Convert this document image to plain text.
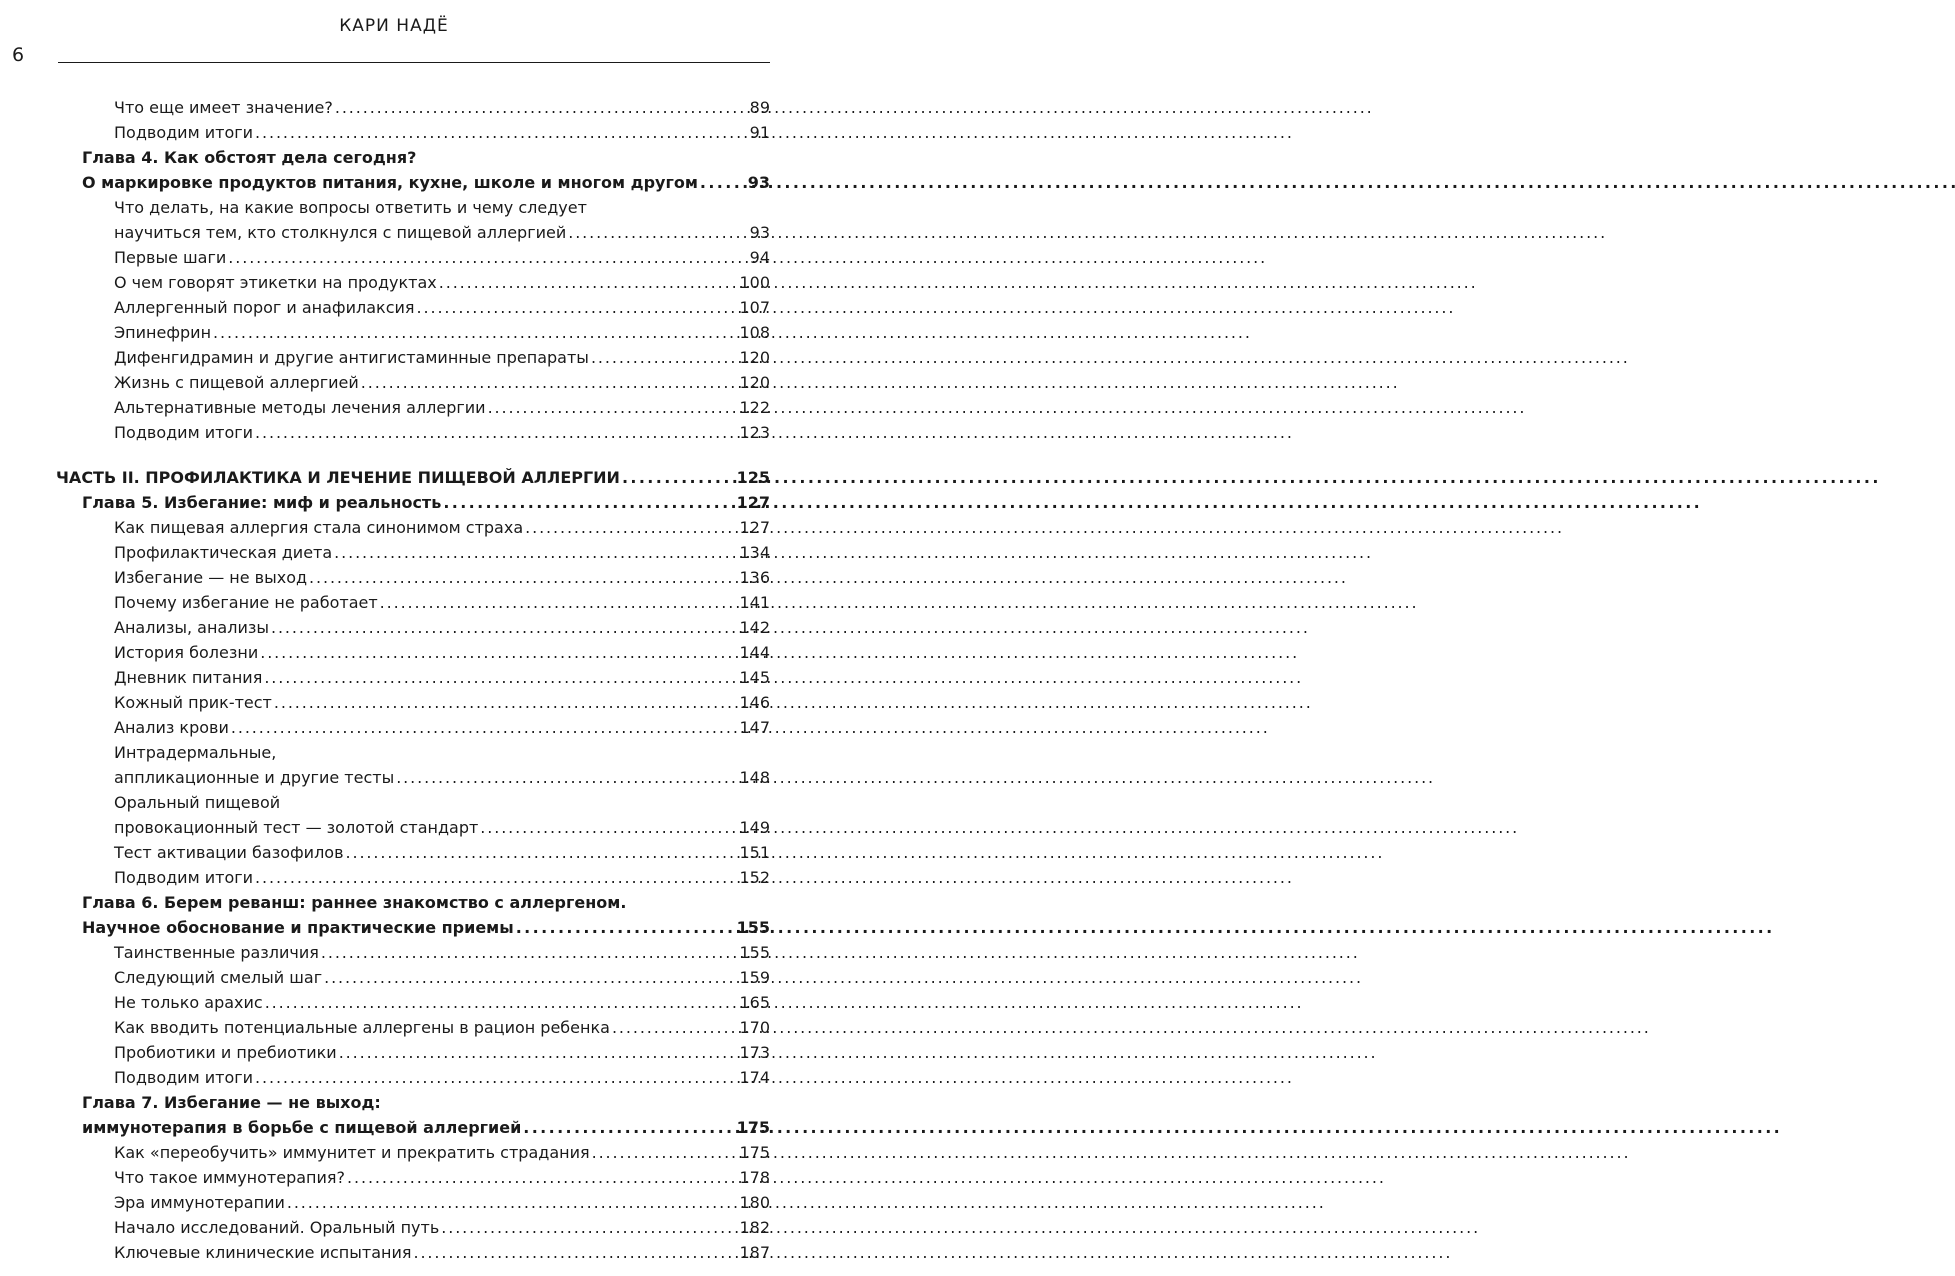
КАРИ НАДЁ
6
Что еще имеет значение? . . .	89
Подводим итоги . . .	91
Глава 4. Как обстоят дела сегодня?
О маркировке продуктов питания, кухне, школе и многом другом . . .	93
Что делать, на какие вопросы ответить и чему следует
научиться тем, кто столкнулся с пищевой аллергией . . .	93
Первые шаги . . .	94
О чем говорят этикетки на продуктах . . .	100
Аллергенный порог и анафилаксия . . .	107
Эпинефрин . . .	108
Дифенгидрамин и другие антигистаминные препараты . . .	120
Жизнь с пищевой аллергией . . .	120
Альтернативные методы лечения аллергии . . .	122
Подводим итоги . . .	123
ЧАСТЬ II. ПРОФИЛАКТИКА И ЛЕЧЕНИЕ ПИЩЕВОЙ АЛЛЕРГИИ . . .	125
Глава 5. Избегание: миф и реальность . . .	127
Как пищевая аллергия стала синонимом страха . . .	127
Профилактическая диета . . .	134
Избегание — не выход . . .	136
Почему избегание не работает . . .	141
Анализы, анализы . . .	142
История болезни . . .	144
Дневник питания . . .	145
Кожный прик-тест . . .	146
Анализ крови . . .	147
Интрадермальные,
аппликационные и другие тесты . . .	148
Оральный пищевой
провокационный тест — золотой стандарт . . .	149
Тест активации базофилов . . .	151
Подводим итоги . . .	152
Глава 6. Берем реванш: раннее знакомство с аллергеном.
Научное обоснование и практические приемы . . .	155
Таинственные различия . . .	155
Следующий смелый шаг . . .	159
Не только арахис . . .	165
Как вводить потенциальные аллергены в рацион ребенка . . .	170
Пробиотики и пребиотики . . .	173
Подводим итоги . . .	174
Глава 7. Избегание — не выход:
иммунотерапия в борьбе с пищевой аллергией . . .	175
Как «переобучить» иммунитет и прекратить страдания . . .	175
Что такое иммунотерапия? . . .	178
Эра иммунотерапии . . .	180
Начало исследований. Оральный путь . . .	182
Ключевые клинические испытания . . .	187
